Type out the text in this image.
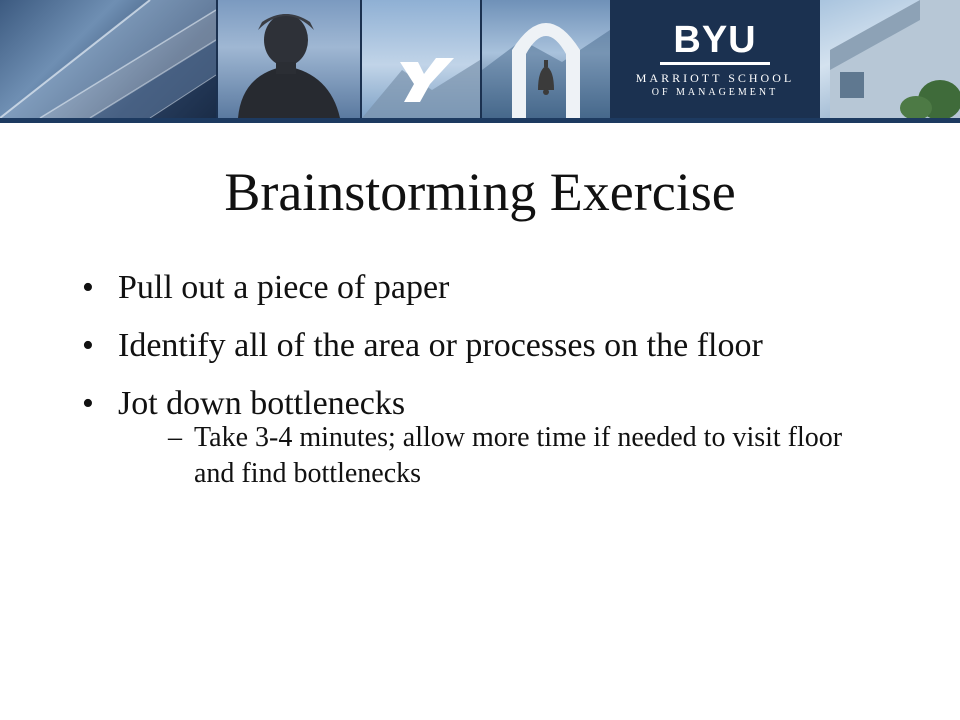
BYU
MARRIOTT SCHOOL
OF MANAGEMENT
Brainstorming Exercise
• Pull out a piece of paper
• Identify all of the area or processes on the floor
• Jot down bottlenecks
– Take 3-4 minutes; allow more time if needed to visit floor and find bottlenecks
